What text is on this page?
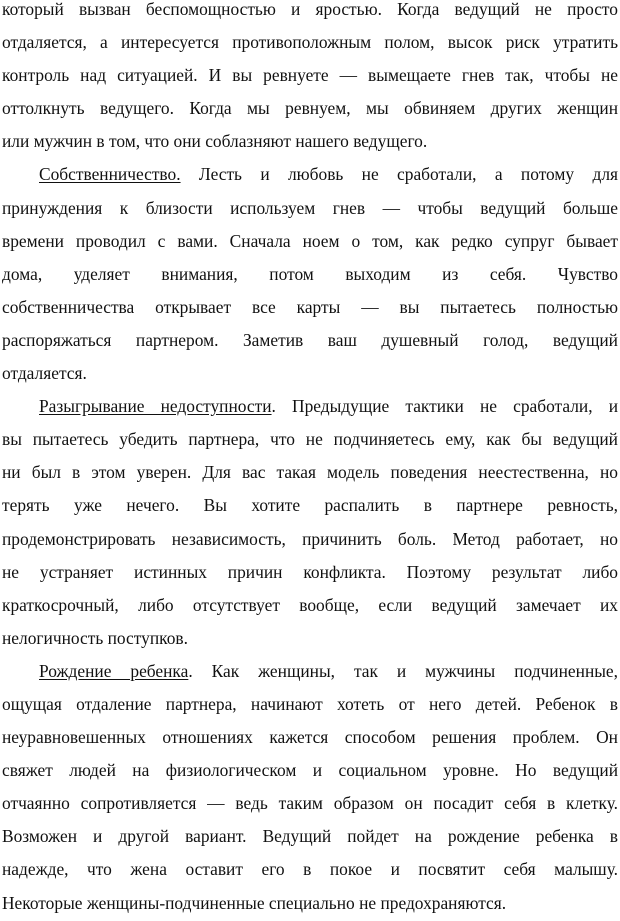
который вызван беспомощностью и яростью. Когда ведущий не просто
отдаляется, а интересуется противоположным полом, высок риск утратить
контроль над ситуацией. И вы ревнуете — вымещаете гнев так, чтобы не
оттолкнуть ведущего. Когда мы ревнуем, мы обвиняем других женщин
или мужчин в том, что они соблазняют нашего ведущего.
Собственничество. Лесть и любовь не сработали, а потому для
принуждения к близости используем гнев — чтобы ведущий больше
времени проводил с вами. Сначала ноем о том, как редко супруг бывает
дома, уделяет внимания, потом выходим из себя. Чувство
собственничества открывает все карты — вы пытаетесь полностью
распоряжаться партнером. Заметив ваш душевный голод, ведущий
отдаляется.
Разыгрывание недоступности. Предыдущие тактики не сработали, и
вы пытаетесь убедить партнера, что не подчиняетесь ему, как бы ведущий
ни был в этом уверен. Для вас такая модель поведения неестественна, но
терять уже нечего. Вы хотите распалить в партнере ревность,
продемонстрировать независимость, причинить боль. Метод работает, но
не устраняет истинных причин конфликта. Поэтому результат либо
краткосрочный, либо отсутствует вообще, если ведущий замечает их
нелогичность поступков.
Рождение ребенка. Как женщины, так и мужчины подчиненные,
ощущая отдаление партнера, начинают хотеть от него детей. Ребенок в
неуравновешенных отношениях кажется способом решения проблем. Он
свяжет людей на физиологическом и социальном уровне. Но ведущий
отчаянно сопротивляется — ведь таким образом он посадит себя в клетку.
Возможен и другой вариант. Ведущий пойдет на рождение ребенка в
надежде, что жена оставит его в покое и посвятит себя малышу.
Некоторые женщины-подчиненные специально не предохраняются.
